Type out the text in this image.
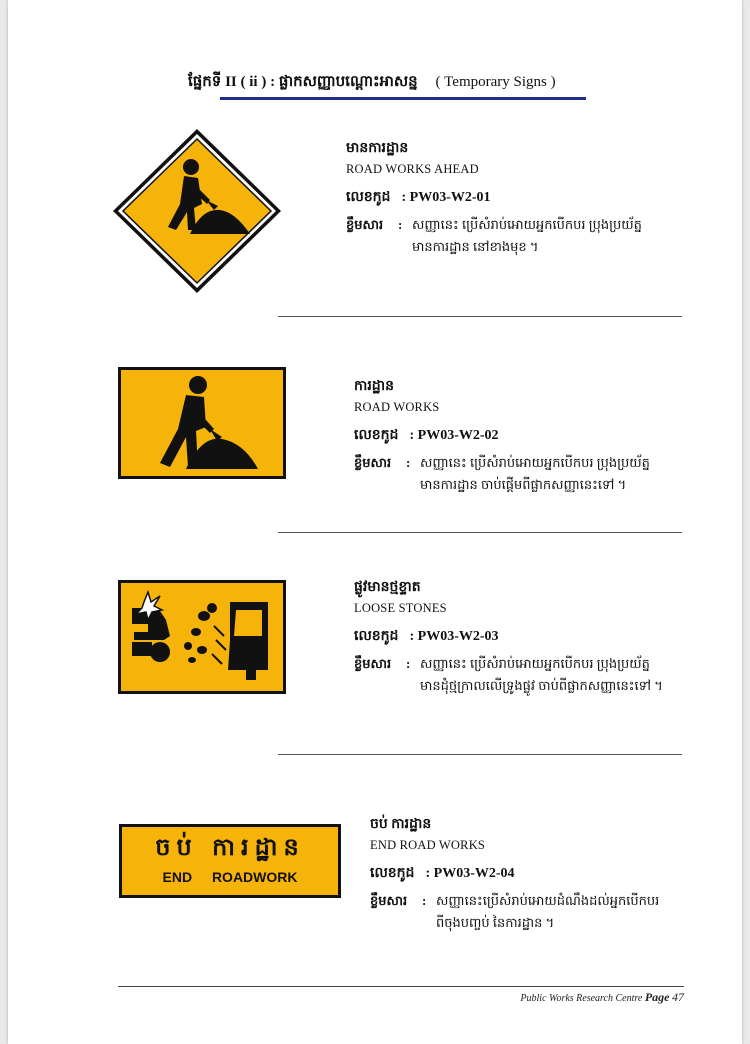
ផ្នែកទី II ( ii ) : ផ្លាកសញ្ញាបណ្តោះអាសន្ន ( Temporary Signs )
មានការដ្ឋាន
ROAD WORKS AHEAD
លេខកូដ : PW03-W2-01
ខ្លឹមសារ	: សញ្ញានេះ ប្រើសំរាប់អោយអ្នកបើកបរ ប្រុងប្រយ័ត្ន
មានការដ្ឋាន នៅខាងមុខ ។
ការដ្ឋាន
ROAD WORKS
លេខកូដ : PW03-W2-02
ខ្លឹមសារ	: សញ្ញានេះ ប្រើសំរាប់អោយអ្នកបើកបរ ប្រុងប្រយ័ត្ន
មានការដ្ឋាន ចាប់ផ្តើមពីផ្លាកសញ្ញានេះទៅ ។
ផ្លូវមានថ្មខ្ទាត
LOOSE STONES
លេខកូដ : PW03-W2-03
ខ្លឹមសារ	: សញ្ញានេះ ប្រើសំរាប់អោយអ្នកបើកបរ ប្រុងប្រយ័ត្ន
មានដុំថ្មក្រាលលើទ្រូងផ្លូវ ចាប់ពីផ្លាកសញ្ញានេះទៅ ។
ចប់ ការដ្ឋាន
END ROADWORK
ចប់ ការដ្ឋាន
END ROAD WORKS
លេខកូដ : PW03-W2-04
ខ្លឹមសារ	: សញ្ញានេះប្រើសំរាប់អោយដំណឹងដល់អ្នកបើកបរ
ពីចុងបញ្ចប់ នៃការដ្ឋាន ។
Public Works Research Centre Page 47
